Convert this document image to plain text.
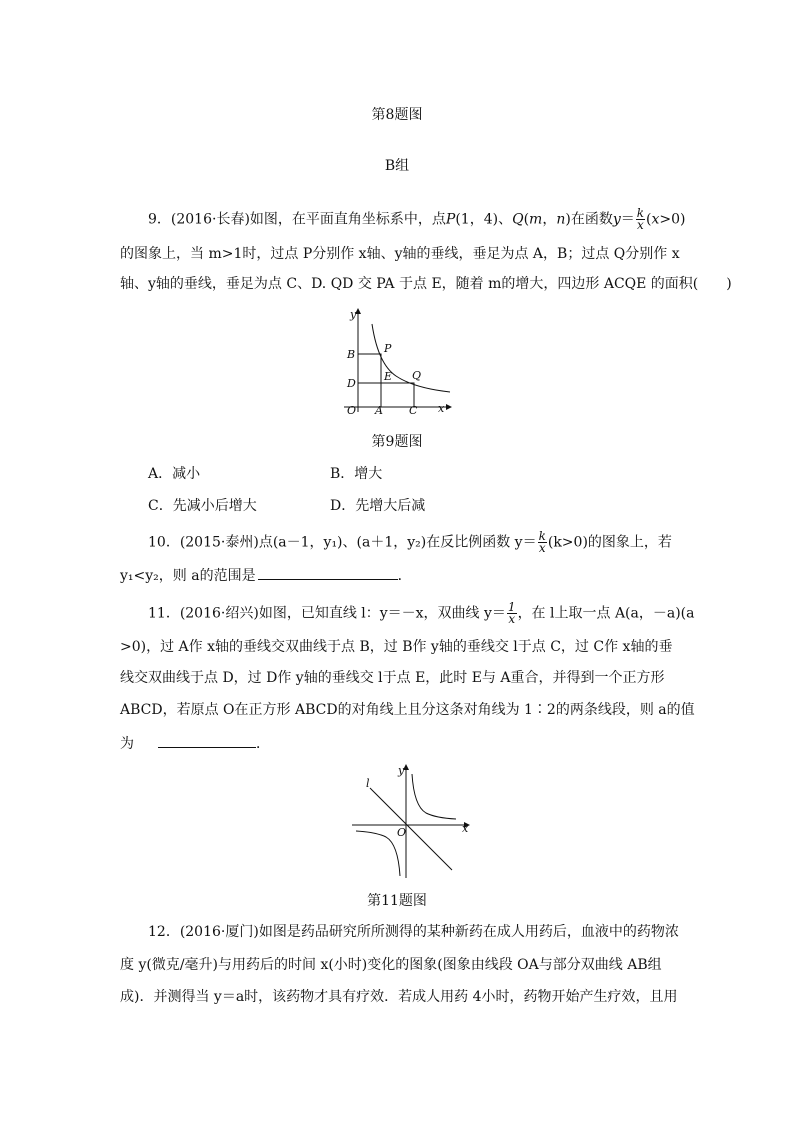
第8题图
B组
9．(2016·长春)如图，在平面直角坐标系中，点P(1，4)、Q(m，n)在函数$y= \frac{k}{x} (x>0)$
的图象上，当 m>1时，过点 P分别作 x轴、y轴的垂线，垂足为点 A，B；过点 Q分别作 x
轴、y轴的垂线，垂足为点 C、D. QD 交 PA 于点 E，随着 m的增大，四边形 ACQE 的面积(　　)
y
x
O A C
B
D
P
E Q
第9题图
A．减小	B．增大
C．先减小后增大	D．先增大后减
10．(2015·泰州)点(a－1，y₁)、(a＋1，y₂)在反比例函数 $y= \frac{k}{x} (k>0)$的图象上，若
y₁<y₂，则 a的范围是	．
11．(2016·绍兴)如图，已知直线 l：y＝－x，双曲线 $y= \frac{1}{x}$ ，在 l上取一点 A(a，－a)(a
>0)，过 A作 x轴的垂线交双曲线于点 B，过 B作 y轴的垂线交 l于点 C，过 C作 x轴的垂
线交双曲线于点 D，过 D作 y轴的垂线交 l于点 E，此时 E与 A重合，并得到一个正方形
ABCD，若原点 O在正方形 ABCD的对角线上且分这条对角线为 1∶2的两条线段，则 a的值
为	．
l
y
x
O
第11题图
12．(2016·厦门)如图是药品研究所所测得的某种新药在成人用药后，血液中的药物浓
度 y(微克/毫升)与用药后的时间 x(小时)变化的图象(图象由线段 OA与部分双曲线 AB组
成)．并测得当 y＝a时，该药物才具有疗效．若成人用药 4小时，药物开始产生疗效，且用
